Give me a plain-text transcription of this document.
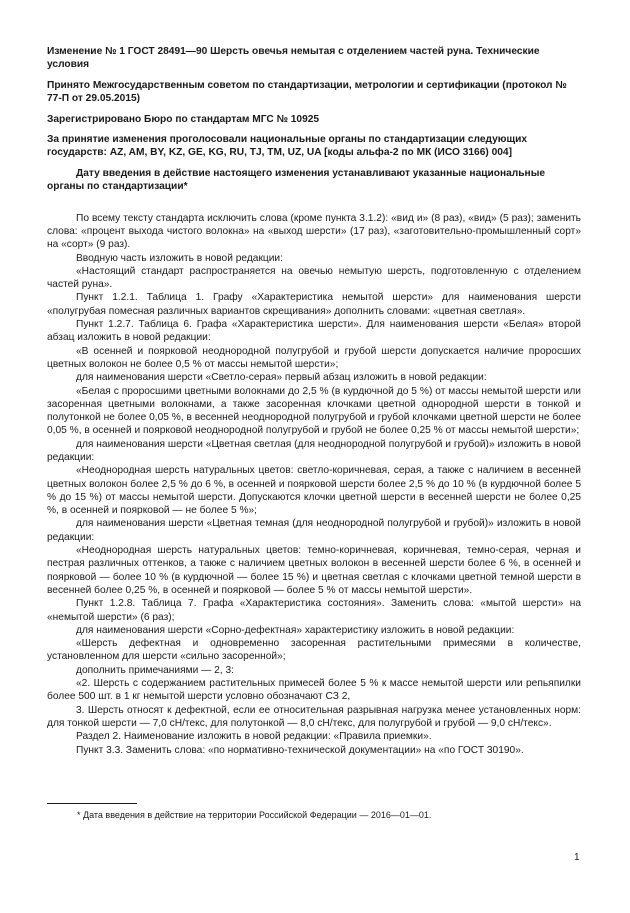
Изменение № 1 ГОСТ 28491—90 Шерсть овечья немытая с отделением частей руна. Технические условия

Принято Межгосударственным советом по стандартизации, метрологии и сертификации (протокол № 77-П от 29.05.2015)

Зарегистрировано Бюро по стандартам МГС № 10925

За принятие изменения проголосовали национальные органы по стандартизации следующих государств: AZ, AM, BY, KZ, GE, KG, RU, TJ, TM, UZ, UA [коды альфа-2 по МК (ИСО 3166) 004]

Дату введения в действие настоящего изменения устанавливают указанные национальные органы по стандартизации*

По всему тексту стандарта исключить слова (кроме пункта 3.1.2): «вид и» (8 раз), «вид» (5 раз); заменить слова: «процент выхода чистого волокна» на «выход шерсти» (17 раз), «заготовительно-промышленный сорт» на «сорт» (9 раз).

Вводную часть изложить в новой редакции:

«Настоящий стандарт распространяется на овечью немытую шерсть, подготовленную с отделением частей руна».

Пункт 1.2.1. Таблица 1. Графу «Характеристика немытой шерсти» для наименования шерсти «полугрубая помесная различных вариантов скрещивания» дополнить словами: «цветная светлая».

Пункт 1.2.7. Таблица 6. Графа «Характеристика шерсти». Для наименования шерсти «Белая» второй абзац изложить в новой редакции:

«В осенней и поярковой неоднородной полугрубой и грубой шерсти допускается наличие проросших цветных волокон не более 0,5 % от массы немытой шерсти»;

для наименования шерсти «Светло-серая» первый абзац изложить в новой редакции:

«Белая с проросшими цветными волокнами до 2,5 % (в курдючной до 5 %) от массы немытой шерсти или засоренная цветными волокнами, а также засоренная клочками цветной однородной шерсти в тонкой и полутонкой не более 0,05 %, в весенней неоднородной полугрубой и грубой клочками цветной шерсти не более 0,05 %, в осенней и поярковой неоднородной полугрубой и грубой не более 0,25 % от массы немытой шерсти»;

для наименования шерсти «Цветная светлая (для неоднородной полугрубой и грубой)» изложить в новой редакции:

«Неоднородная шерсть натуральных цветов: светло-коричневая, серая, а также с наличием в весенней цветных волокон более 2,5 % до 6 %, в осенней и поярковой шерсти более 2,5 % до 10 % (в курдючной более 5 % до 15 %) от массы немытой шерсти. Допускаются клочки цветной шерсти в весенней шерсти не более 0,25 %, в осенней и поярковой — не более 5 %»;

для наименования шерсти «Цветная темная (для неоднородной полугрубой и грубой)» изложить в новой редакции:

«Неоднородная шерсть натуральных цветов: темно-коричневая, коричневая, темно-серая, черная и пестрая различных оттенков, а также с наличием цветных волокон в весенней шерсти более 6 %, в осенней и поярковой — более 10 % (в курдючной — более 15 %) и цветная светлая с клочками цветной темной шерсти в весенней более 0,25 %, в осенней и поярковой — более 5 % от массы немытой шерсти».

Пункт 1.2.8. Таблица 7. Графа «Характеристика состояния». Заменить слова: «мытой шерсти» на «немытой шерсти» (6 раз);

для наименования шерсти «Сорно-дефектная» характеристику изложить в новой редакции:

«Шерсть дефектная и одновременно засоренная растительными примесями в количестве, установленном для шерсти «сильно засоренной»;

дополнить примечаниями — 2, 3:

«2. Шерсть с содержанием растительных примесей более 5 % к массе немытой шерсти или репьяпилки более 500 шт. в 1 кг немытой шерсти условно обозначают СЗ 2,

3. Шерсть относят к дефектной, если ее относительная разрывная нагрузка менее установленных норм: для тонкой шерсти — 7,0 сН/текс, для полутонкой — 8,0 сН/текс, для полугрубой и грубой — 9,0 сН/текс».

Раздел 2. Наименование изложить в новой редакции: «Правила приемки».

Пункт 3.3. Заменить слова: «по нормативно-технической документации» на «по ГОСТ 30190».

* Дата введения в действие на территории Российской Федерации — 2016—01—01.
1
